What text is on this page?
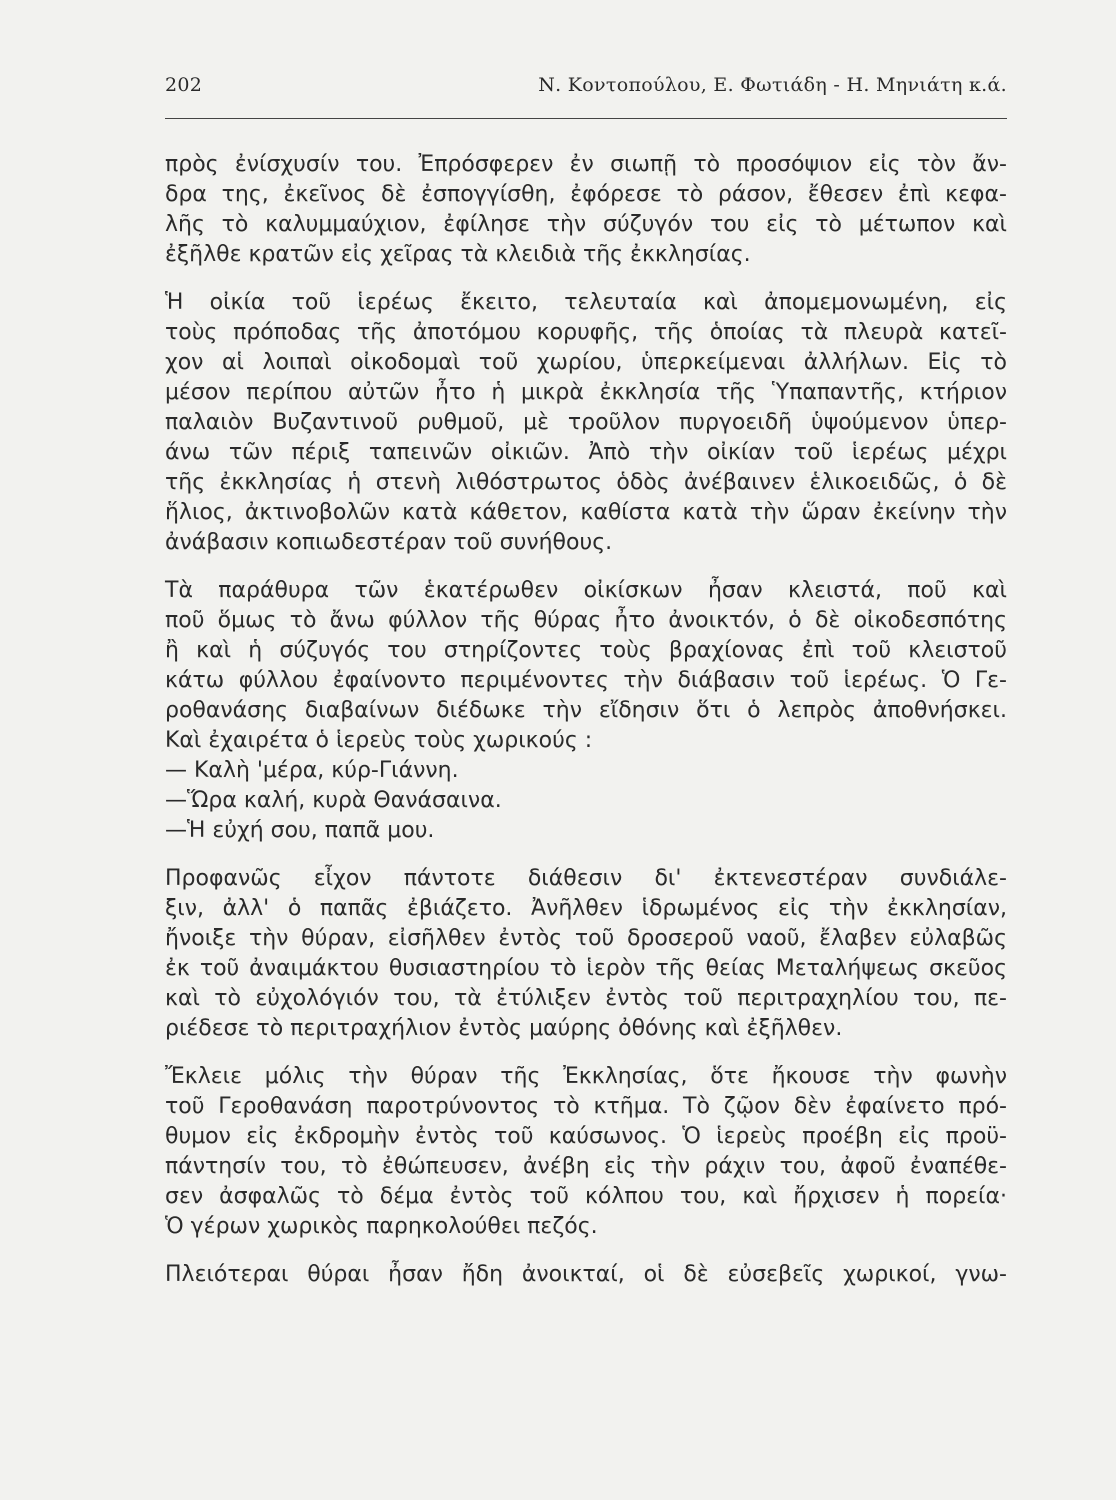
202	Ν. Κοντοπούλου, Ε. Φωτιάδη - Η. Μηνιάτη κ.ά.
πρὸς ἐνίσχυσίν του. Ἐπρόσφερεν ἐν σιωπῇ τὸ προσόψιον εἰς τὸν ἄν-
δρα της, ἐκεῖνος δὲ ἐσπογγίσθη, ἐφόρεσε τὸ ράσον, ἔθεσεν ἐπὶ κεφα-
λῆς τὸ καλυμμαύχιον, ἐφίλησε τὴν σύζυγόν του εἰς τὸ μέτωπον καὶ
ἐξῆλθε κρατῶν εἰς χεῖρας τὰ κλειδιὰ τῆς ἐκκλησίας.
Ἡ οἰκία τοῦ ἱερέως ἔκειτο, τελευταία καὶ ἀπομεμονωμένη, εἰς
τοὺς πρόποδας τῆς ἀποτόμου κορυφῆς, τῆς ὁποίας τὰ πλευρὰ κατεῖ-
χον αἱ λοιπαὶ οἰκοδομαὶ τοῦ χωρίου, ὑπερκείμεναι ἀλλήλων. Εἰς τὸ
μέσον περίπου αὐτῶν ἦτο ἡ μικρὰ ἐκκλησία τῆς Ὑπαπαντῆς, κτήριον
παλαιὸν Βυζαντινοῦ ρυθμοῦ, μὲ τροῦλον πυργοειδῆ ὑψούμενον ὑπερ-
άνω τῶν πέριξ ταπεινῶν οἰκιῶν. Ἀπὸ τὴν οἰκίαν τοῦ ἱερέως μέχρι
τῆς ἐκκλησίας ἡ στενὴ λιθόστρωτος ὁδὸς ἀνέβαινεν ἑλικοειδῶς, ὁ δὲ
ἥλιος, ἀκτινοβολῶν κατὰ κάθετον, καθίστα κατὰ τὴν ὥραν ἐκείνην τὴν
ἀνάβασιν κοπιωδεστέραν τοῦ συνήθους.
Τὰ παράθυρα τῶν ἑκατέρωθεν οἰκίσκων ἦσαν κλειστά, ποῦ καὶ
ποῦ ὅμως τὸ ἄνω φύλλον τῆς θύρας ἦτο ἀνοικτόν, ὁ δὲ οἰκοδεσπότης
ἢ καὶ ἡ σύζυγός του στηρίζοντες τοὺς βραχίονας ἐπὶ τοῦ κλειστοῦ
κάτω φύλλου ἐφαίνοντο περιμένοντες τὴν διάβασιν τοῦ ἱερέως. Ὁ Γε-
ροθανάσης διαβαίνων διέδωκε τὴν εἴδησιν ὅτι ὁ λεπρὸς ἀποθνήσκει.
Καὶ ἐχαιρέτα ὁ ἱερεὺς τοὺς χωρικούς :
— Καλὴ 'μέρα, κύρ-Γιάννη.
—Ὥρα καλή, κυρὰ Θανάσαινα.
—Ἡ εὐχή σου, παπᾶ μου.
Προφανῶς εἶχον πάντοτε διάθεσιν δι' ἐκτενεστέραν συνδιάλε-
ξιν, ἀλλ' ὁ παπᾶς ἐβιάζετο. Ἀνῆλθεν ἱδρωμένος εἰς τὴν ἐκκλησίαν,
ἤνοιξε τὴν θύραν, εἰσῆλθεν ἐντὸς τοῦ δροσεροῦ ναοῦ, ἔλαβεν εὐλαβῶς
ἐκ τοῦ ἀναιμάκτου θυσιαστηρίου τὸ ἱερὸν τῆς θείας Μεταλήψεως σκεῦος
καὶ τὸ εὐχολόγιόν του, τὰ ἐτύλιξεν ἐντὸς τοῦ περιτραχηλίου του, πε-
ριέδεσε τὸ περιτραχήλιον ἐντὸς μαύρης ὀθόνης καὶ ἐξῆλθεν.
Ἔκλειε μόλις τὴν θύραν τῆς Ἐκκλησίας, ὅτε ἤκουσε τὴν φωνὴν
τοῦ Γεροθανάση παροτρύνοντος τὸ κτῆμα. Τὸ ζῷον δὲν ἐφαίνετο πρό-
θυμον εἰς ἐκδρομὴν ἐντὸς τοῦ καύσωνος. Ὁ ἱερεὺς προέβη εἰς προϋ-
πάντησίν του, τὸ ἐθώπευσεν, ἀνέβη εἰς τὴν ράχιν του, ἀφοῦ ἐναπέθε-
σεν ἀσφαλῶς τὸ δέμα ἐντὸς τοῦ κόλπου του, καὶ ἤρχισεν ἡ πορεία·
Ὁ γέρων χωρικὸς παρηκολούθει πεζός.
Πλειότεραι θύραι ἦσαν ἤδη ἀνοικταί, οἱ δὲ εὐσεβεῖς χωρικοί, γνω-
